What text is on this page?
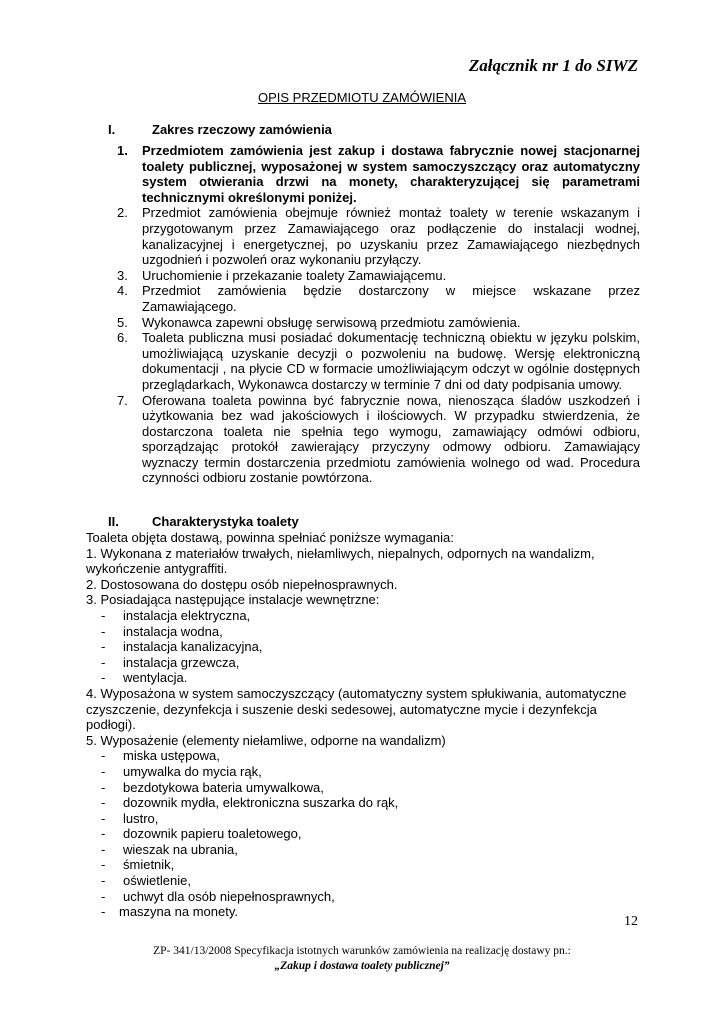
Załącznik nr 1 do SIWZ
OPIS PRZEDMIOTU ZAMÓWIENIA
I.	Zakres rzeczowy zamówienia
1. Przedmiotem zamówienia jest zakup i dostawa fabrycznie nowej stacjonarnej toalety publicznej, wyposażonej w system samoczyszczący oraz automatyczny system otwierania drzwi na monety, charakteryzującej się parametrami technicznymi określonymi poniżej.
2. Przedmiot zamówienia obejmuje również montaż toalety w terenie wskazanym i przygotowanym przez Zamawiającego oraz podłączenie do instalacji wodnej, kanalizacyjnej i energetycznej, po uzyskaniu przez Zamawiającego niezbędnych uzgodnień i pozwoleń oraz wykonaniu przyłączy.
3. Uruchomienie i przekazanie toalety Zamawiającemu.
4. Przedmiot zamówienia będzie dostarczony w miejsce wskazane przez Zamawiającego.
5. Wykonawca zapewni obsługę serwisową przedmiotu zamówienia.
6. Toaleta publiczna musi posiadać dokumentację techniczną obiektu w języku polskim, umożliwiającą uzyskanie decyzji o pozwoleniu na budowę. Wersję elektroniczną dokumentacji , na płycie CD w formacie umożliwiającym odczyt w ogólnie dostępnych przeglądarkach, Wykonawca dostarczy w terminie 7 dni od daty podpisania umowy.
7. Oferowana toaleta powinna być fabrycznie nowa, nienosząca śladów uszkodzeń i użytkowania bez wad jakościowych i ilościowych. W przypadku stwierdzenia, że dostarczona toaleta nie spełnia tego wymogu, zamawiający odmówi odbioru, sporządzając protokół zawierający przyczyny odmowy odbioru. Zamawiający wyznaczy termin dostarczenia przedmiotu zamówienia wolnego od wad. Procedura czynności odbioru zostanie powtórzona.
II.	Charakterystyka toalety

Toaleta objęta dostawą, powinna spełniać poniższe wymagania:

1. Wykonana z materiałów trwałych, niełamliwych, niepalnych, odpornych na wandalizm, wykończenie antygraffiti.

2. Dostosowana do dostępu osób niepełnosprawnych.

3. Posiadająca następujące instalacje wewnętrzne:

- instalacja elektryczna,
- instalacja wodna,
- instalacja kanalizacyjna,
- instalacja grzewcza,
- wentylacja.

4. Wyposażona w system samoczyszczący (automatyczny system spłukiwania, automatyczne czyszczenie, dezynfekcja i suszenie deski sedesowej, automatyczne mycie i dezynfekcja podłogi).

5. Wyposażenie (elementy niełamliwe, odporne na wandalizm)

- miska ustępowa,
- umywalka do mycia rąk,
- bezdotykowa bateria umywalkowa,
- dozownik mydła, elektroniczna suszarka do rąk,
- lustro,
- dozownik papieru toaletowego,
- wieszak na ubrania,
- śmietnik,
- oświetlenie,
- uchwyt dla osób niepełnosprawnych,
- maszyna na monety.
12
ZP- 341/13/2008 Specyfikacja istotnych warunków zamówienia na realizację dostawy pn.:
„Zakup i dostawa toalety publicznej”
